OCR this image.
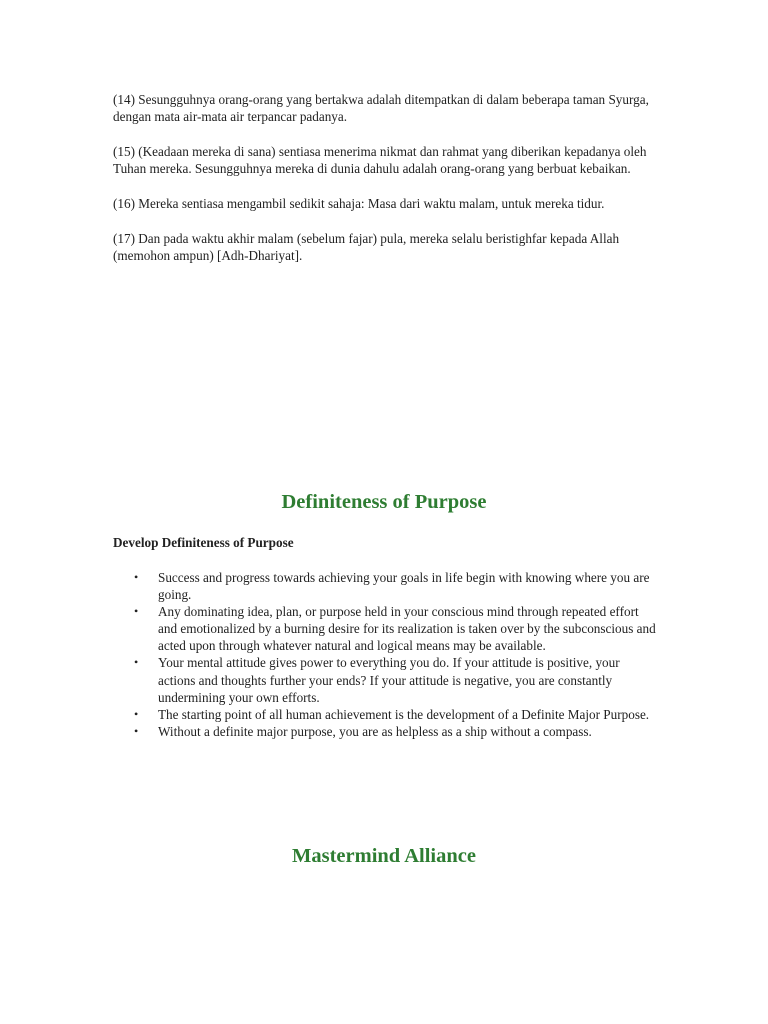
(14) Sesungguhnya orang-orang yang bertakwa adalah ditempatkan di dalam beberapa taman Syurga, dengan mata air-mata air terpancar padanya.

(15) (Keadaan mereka di sana) sentiasa menerima nikmat dan rahmat yang diberikan kepadanya oleh Tuhan mereka. Sesungguhnya mereka di dunia dahulu adalah orang-orang yang berbuat kebaikan.

(16) Mereka sentiasa mengambil sedikit sahaja: Masa dari waktu malam, untuk mereka tidur.

(17) Dan pada waktu akhir malam (sebelum fajar) pula, mereka selalu beristighfar kepada Allah (memohon ampun) [Adh-Dhariyat].

Definiteness of Purpose

Develop Definiteness of Purpose

• Success and progress towards achieving your goals in life begin with knowing where you are going.
• Any dominating idea, plan, or purpose held in your conscious mind through repeated effort and emotionalized by a burning desire for its realization is taken over by the subconscious and acted upon through whatever natural and logical means may be available.
• Your mental attitude gives power to everything you do. If your attitude is positive, your actions and thoughts further your ends? If your attitude is negative, you are constantly undermining your own efforts.
• The starting point of all human achievement is the development of a Definite Major Purpose.
• Without a definite major purpose, you are as helpless as a ship without a compass.
Mastermind Alliance
